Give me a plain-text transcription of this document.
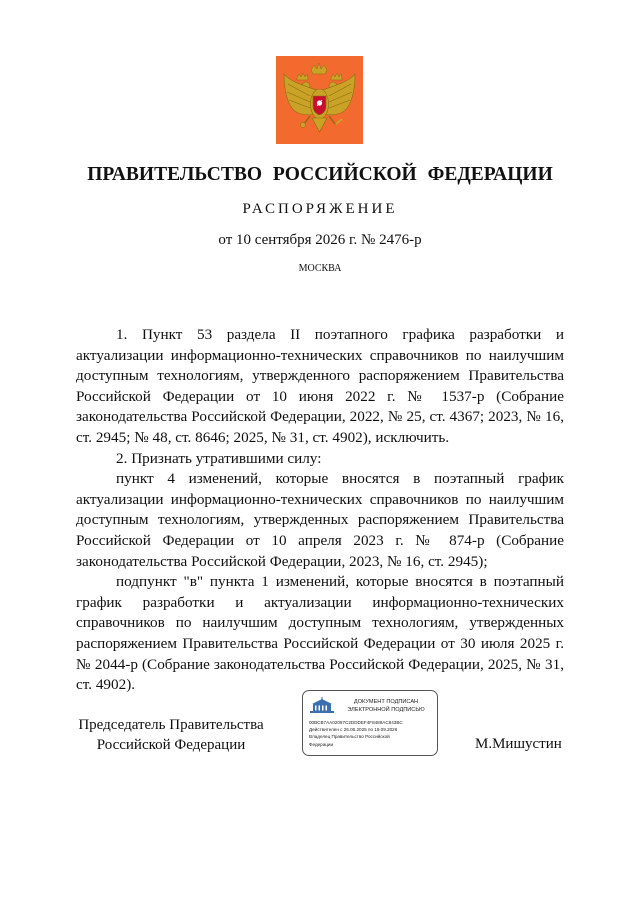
ПРАВИТЕЛЬСТВО РОССИЙСКОЙ ФЕДЕРАЦИИ
РАСПОРЯЖЕНИЕ
от 10 сентября 2026 г. № 2476-р
МОСКВА

1. Пункт 53 раздела II поэтапного графика разработки и актуализации информационно-технических справочников по наилучшим доступным технологиям, утвержденного распоряжением Правительства Российской Федерации от 10 июня 2022 г. № 1537-р (Собрание законодательства Российской Федерации, 2022, № 25, ст. 4367; 2023, № 16, ст. 2945; № 48, ст. 8646; 2025, № 31, ст. 4902), исключить.

2. Признать утратившими силу:

пункт 4 изменений, которые вносятся в поэтапный график актуализации информационно-технических справочников по наилучшим доступным технологиям, утвержденных распоряжением Правительства Российской Федерации от 10 апреля 2023 г. № 874-р (Собрание законодательства Российской Федерации, 2023, № 16, ст. 2945);

подпункт "в" пункта 1 изменений, которые вносятся в поэтапный график разработки и актуализации информационно-технических справочников по наилучшим доступным технологиям, утвержденных распоряжением Правительства Российской Федерации от 30 июля 2025 г. № 2044-р (Собрание законодательства Российской Федерации, 2025, № 31, ст. 4902).

Председатель Правительства
Российской Федерации	М.Мишустин
ДОКУМЕНТ ПОДПИСАН
ЭЛЕКТРОННОЙ ПОДПИСЬЮ
00BCB7AA02097C2DDDEF4F8489AC843BC
Действителен с 26.06.2025 по 19.09.2026
Владелец Правительство Российской
Федерации
